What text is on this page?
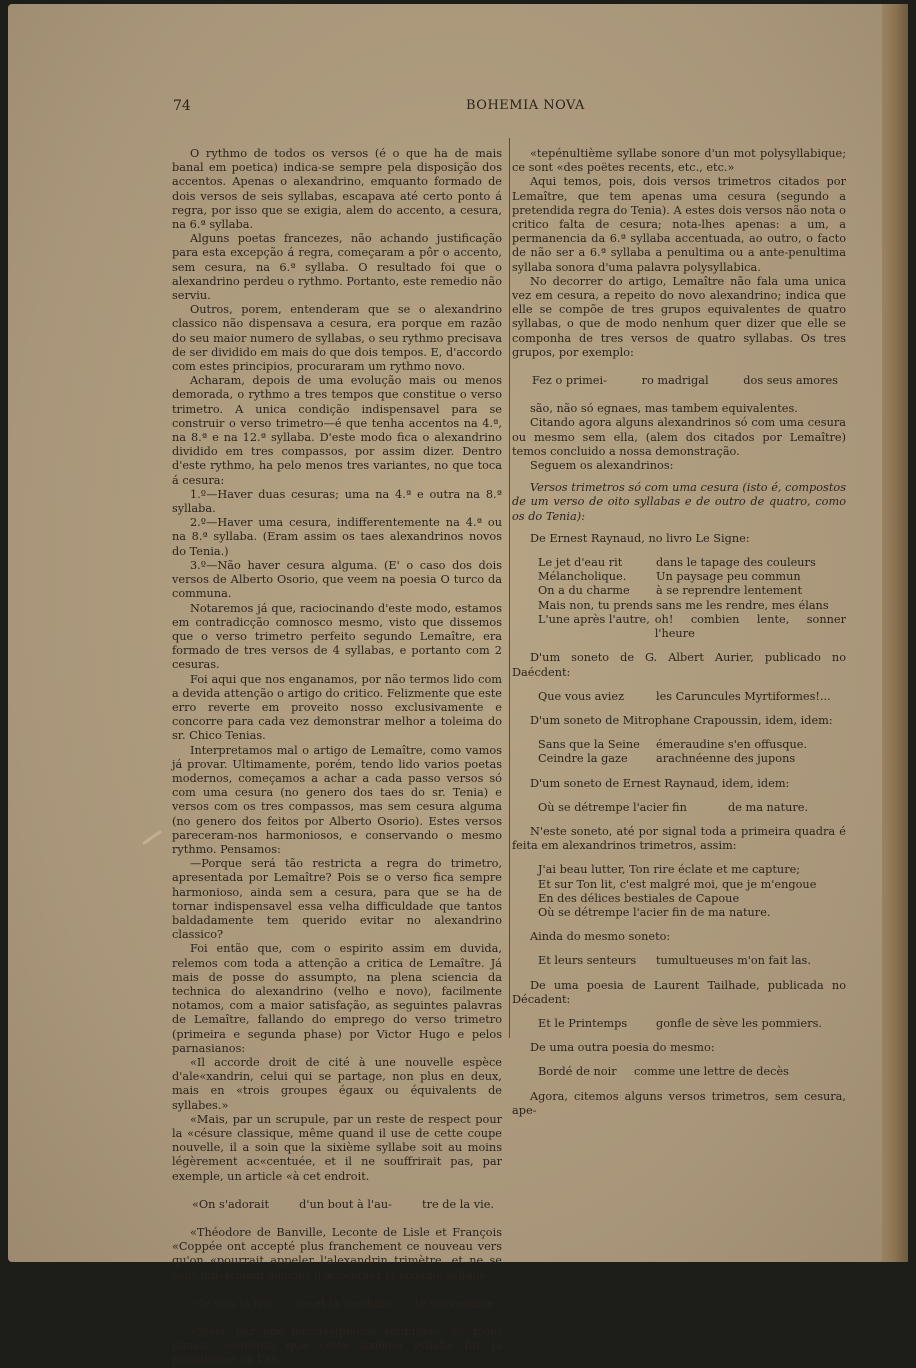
74	BOHEMIA NOVA

O rythmo de todos os versos (é o que ha de mais banal em poetica) indica-se sempre pela disposição dos accentos. Apenas o alexandrino, emquanto formado de dois versos de seis syllabas, escapava até certo ponto á regra, por isso que se exigia, alem do accento, a cesura, na 6.ª syllaba.

Alguns poetas francezes, não achando justificação para esta excepção á regra, começaram a pôr o accento, sem cesura, na 6.ª syllaba. O resultado foi que o alexandrino perdeu o rythmo. Portanto, este remedio não serviu.

Outros, porem, entenderam que se o alexandrino classico não dispensava a cesura, era porque em razão do seu maior numero de syllabas, o seu rythmo precisava de ser dividido em mais do que dois tempos. E, d'accordo com estes principios, procuraram um rythmo novo.

Acharam, depois de uma evolução mais ou menos demorada, o rythmo a tres tempos que constitue o verso trimetro. A unica condição indispensavel para se construir o verso trimetro—é que tenha accentos na 4.ª, na 8.ª e na 12.ª syllaba. D'este modo fica o alexandrino dividido em tres compassos, por assim dizer. Dentro d'este rythmo, ha pelo menos tres variantes, no que toca á cesura:

1.º—Haver duas cesuras; uma na 4.ª e outra na 8.ª syllaba.

2.º—Haver uma cesura, indifferentemente na 4.ª ou na 8.ª syllaba. (Eram assim os taes alexandrinos novos do Tenia.)

3.º—Não haver cesura alguma. (E' o caso dos dois versos de Alberto Osorio, que veem na poesia O turco da communa.

Notaremos já que, raciocinando d'este modo, estamos em contradicção comnosco mesmo, visto que dissemos que o verso trimetro perfeito segundo Lemaître, era formado de tres versos de 4 syllabas, e portanto com 2 cesuras.

Foi aqui que nos enganamos, por não termos lido com a devida attenção o artigo do critico. Felizmente que este erro reverte em proveito nosso exclusivamente e concorre para cada vez demonstrar melhor a toleima do sr. Chico Tenias.

Interpretamos mal o artigo de Lemaître, como vamos já provar. Ultimamente, porém, tendo lido varios poetas modernos, começamos a achar a cada passo versos só com uma cesura (no genero dos taes do sr. Tenia) e versos com os tres compassos, mas sem cesura alguma (no genero dos feitos por Alberto Osorio). Estes versos pareceram-nos harmoniosos, e conservando o mesmo rythmo. Pensamos:

—Porque será tão restricta a regra do trimetro, apresentada por Lemaître? Pois se o verso fica sempre harmonioso, ainda sem a cesura, para que se ha de tornar indispensavel essa velha difficuldade que tantos baldadamente tem querido evitar no alexandrino classico?

Foi então que, com o espirito assim em duvida, relemos com toda a attenção a critica de Lemaître. Já mais de posse do assumpto, na plena sciencia da technica do alexandrino (velho e novo), facilmente notamos, com a maior satisfação, as seguintes palavras de Lemaître, fallando do emprego do verso trimetro (primeira e segunda phase) por Victor Hugo e pelos parnasianos:

«Il accorde droit de cité à une nouvelle espèce d'ale«xandrin, celui qui se partage, non plus en deux, mais en «trois groupes égaux ou équivalents de syllabes.»

«Mais, par un scrupule, par un reste de respect pour la «césure classique, même quand il use de cette coupe nouvelle, il a soin que la sixième syllabe soit au moins légèrement ac«centuée, et il ne souffrirait pas, par exemple, un article «à cet endroit.

«On s'adorait	d'un bout à l'au-	tre de la vie.

«Théodore de Banville, Leconte de Lisle et François «Coppée ont accepté plus franchement ce nouveau vers qu'on «pourrait appeler l'alexandrin trimètre, et ne se sont nul«lement souciés d'accentuer la sixième syllabe.

«Je suis la froi de et la méchan- te souvenaine

«Mais, par une inconséquence singulière, ils n'ont jamais «consenti que cette sixième syllabe fut la pénultième ou l'an-

«tepénultième syllabe sonore d'un mot polysyllabique; ce sont «des poëtes recents, etc., etc.»

Aqui temos, pois, dois versos trimetros citados por Lemaître, que tem apenas uma cesura (segundo a pretendida regra do Tenia). A estes dois versos não nota o critico falta de cesura; nota-lhes apenas: a um, a permanencia da 6.ª syllaba accentuada, ao outro, o facto de não ser a 6.ª syllaba a penultima ou a ante-penultima syllaba sonora d'uma palavra polysyllabica.

No decorrer do artigo, Lemaître não fala uma unica vez em cesura, a repeito do novo alexandrino; indica que elle se compõe de tres grupos equivalentes de quatro syllabas, o que de modo nenhum quer dizer que elle se componha de tres versos de quatro syllabas. Os tres grupos, por exemplo:

Fez o primei-	ro madrigal	dos seus amores

são, não só egnaes, mas tambem equivalentes.

Citando agora alguns alexandrinos só com uma cesura ou mesmo sem ella, (alem dos citados por Lemaître) temos concluido a nossa demonstração.

Seguem os alexandrinos:

Versos trimetros só com uma cesura (isto é, compostos de um verso de oito syllabas e de outro de quatro, como os do Tenia):

De Ernest Raynaud, no livro Le Signe:

Le jet d'eau rit	dans le tapage des couleurs
Mélancholique.	Un paysage peu commun
On a du charme	à se reprendre lentement
Mais non, tu prends sans me les rendre, mes élans
L'une après l'autre, oh! combien lente, sonner l'heure

D'um soneto de G. Albert Aurier, publicado no Daécdent:

Que vous aviez	les Caruncules Myrtiformes!...

D'um soneto de Mitrophane Crapoussin, idem, idem:

Sans que la Seine	émeraudine s'en offusque.
Ceindre la gaze	arachnéenne des jupons

D'um soneto de Ernest Raynaud, idem, idem:

Où se détrempe l'acier fin	de ma nature.

N'este soneto, até por signal toda a primeira quadra é feita em alexandrinos trimetros, assim:

J'ai beau lutter, Ton rire éclate et me capture;
Et sur Ton lit, c'est malgré moi, que je m'engoue
En des délices bestiales de Capoue
Où se détrempe l'acier fin de ma nature.

Ainda do mesmo soneto:

Et leurs senteurs	tumultueuses m'on fait las.

De uma poesia de Laurent Tailhade, publicada no Décadent:

Et le Printemps	gonfle de sève les pommiers.

De uma outra poesia do mesmo:

Bordé de noir	comme une lettre de decès

Agora, citemos alguns versos trimetros, sem cesura, ape-
